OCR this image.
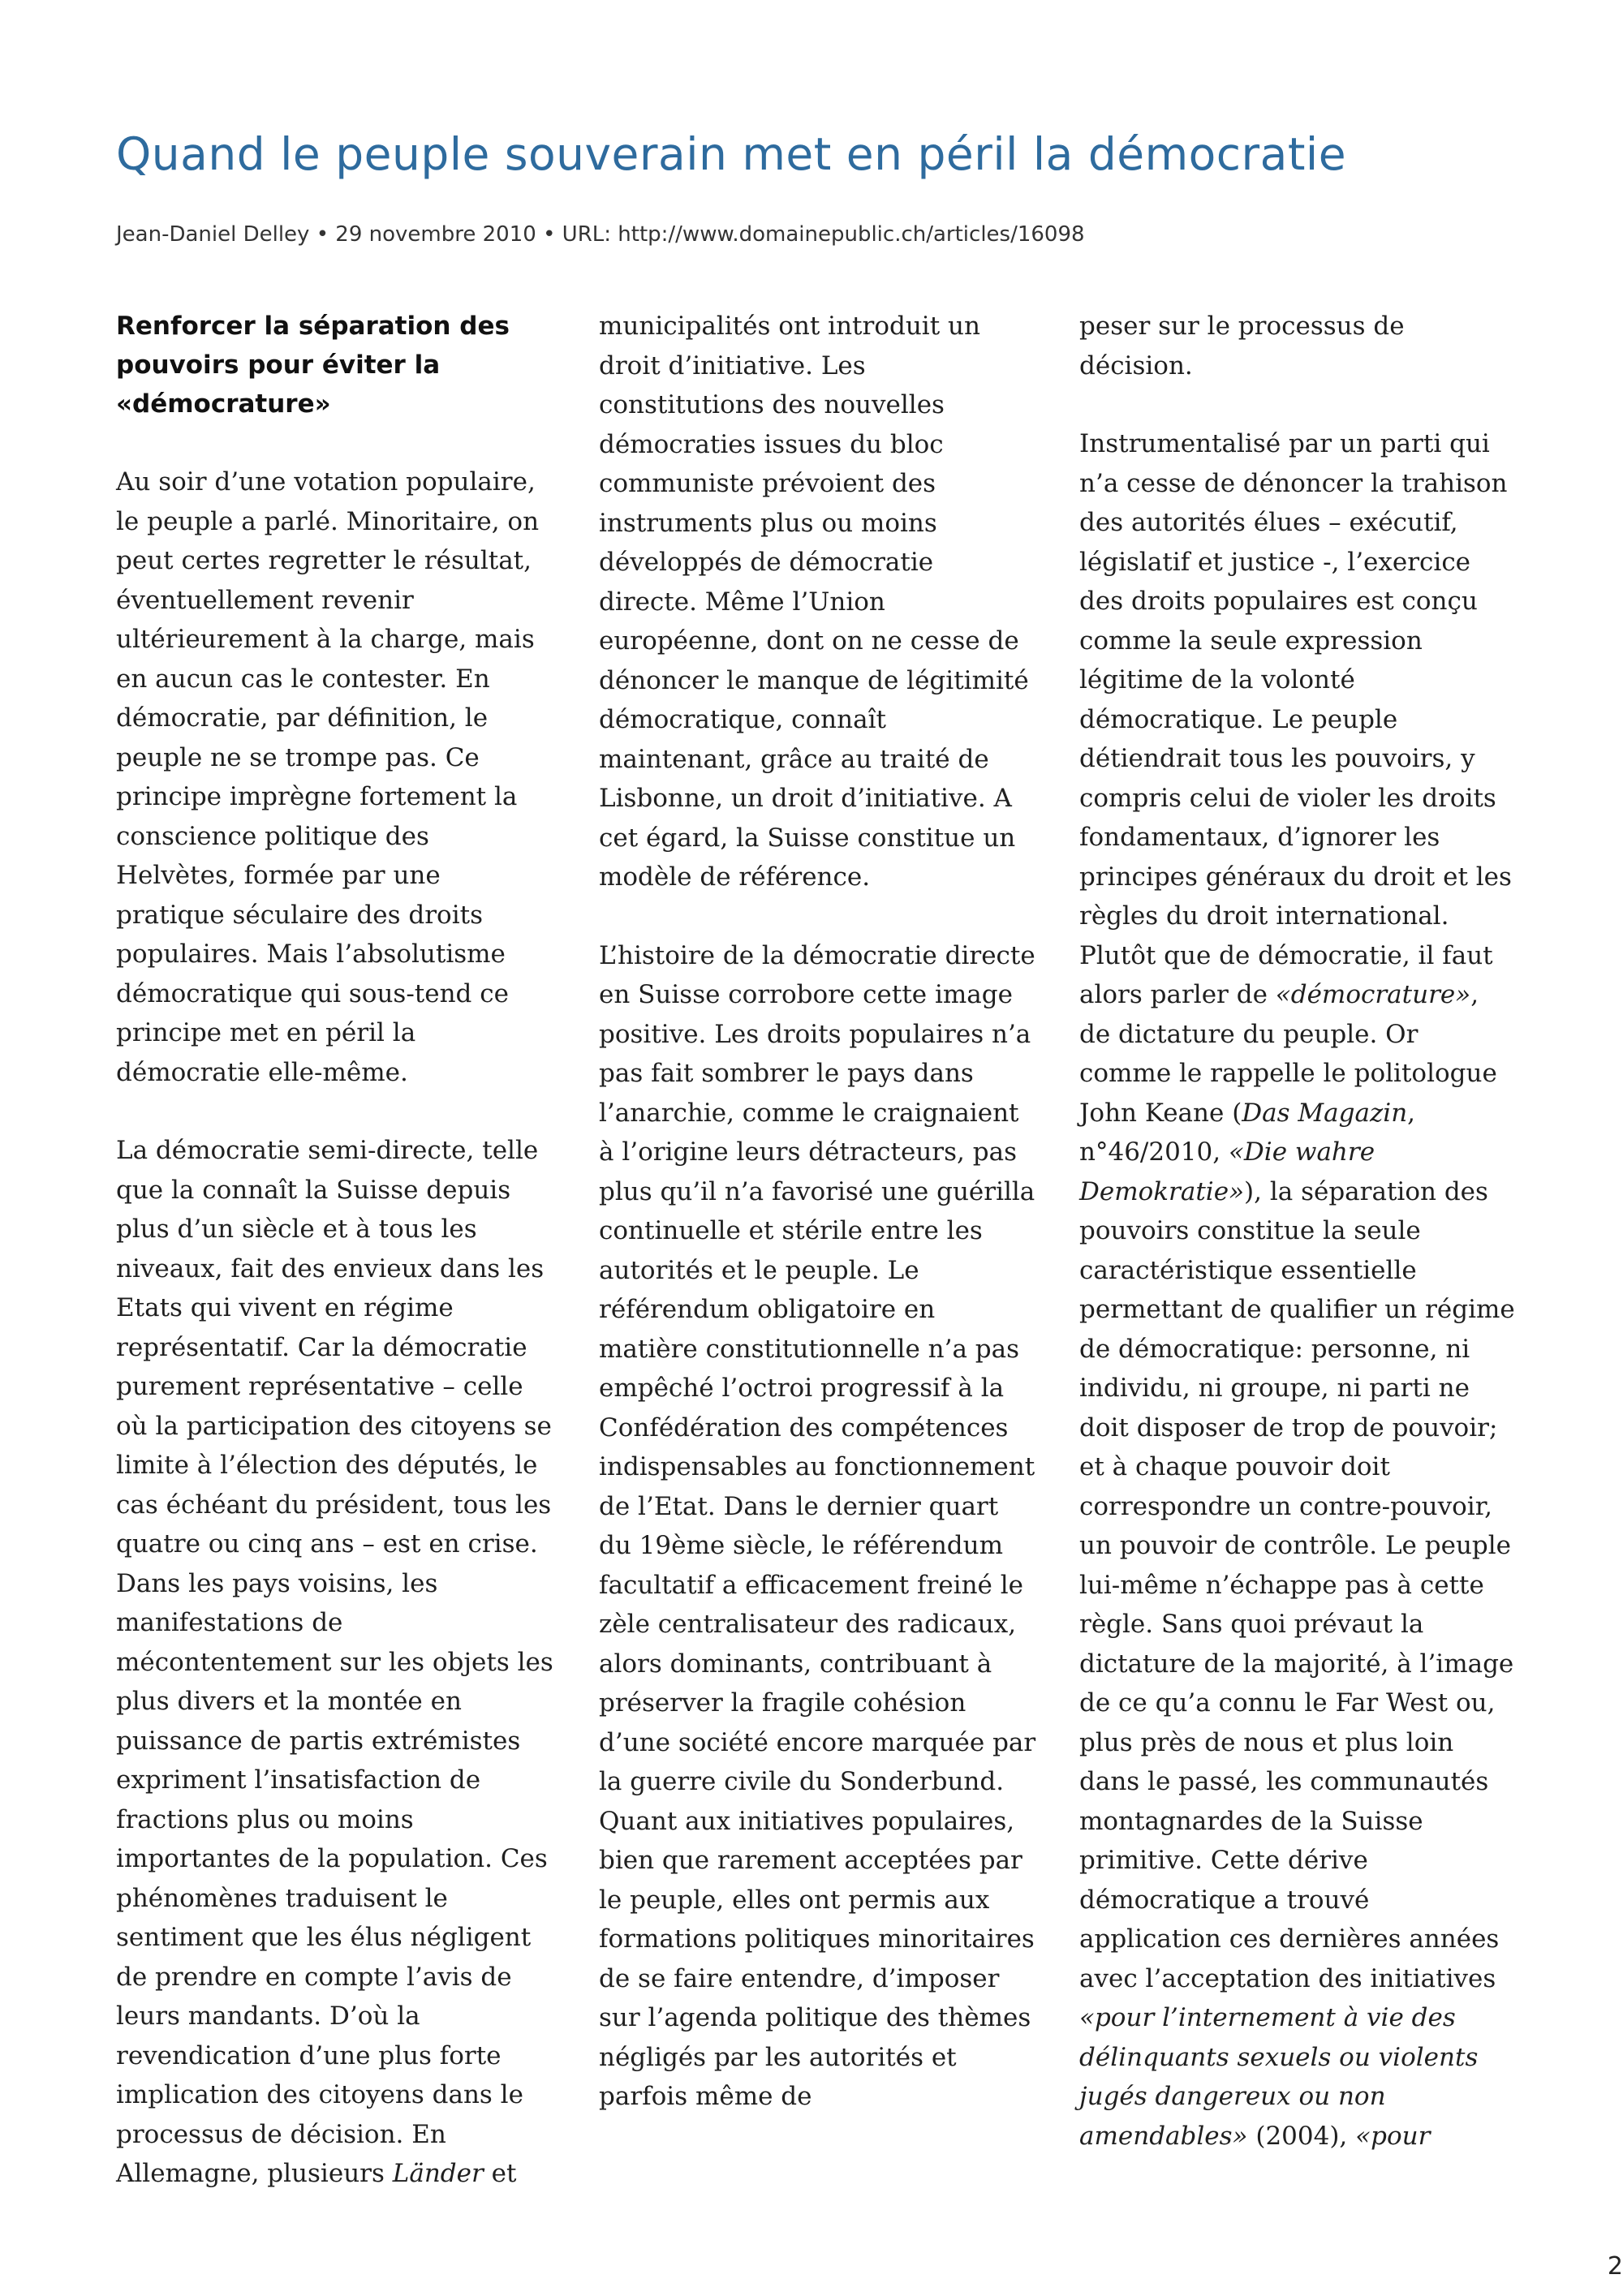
Quand le peuple souverain met en péril la démocratie
Jean-Daniel Delley • 29 novembre 2010 • URL: http://www.domainepublic.ch/articles/16098
Renforcer la séparation des pouvoirs pour éviter la «démocrature»

Au soir d’une votation populaire, le peuple a parlé. Minoritaire, on peut certes regretter le résultat, éventuellement revenir ultérieurement à la charge, mais en aucun cas le contester. En démocratie, par définition, le peuple ne se trompe pas. Ce principe imprègne fortement la conscience politique des Helvètes, formée par une pratique séculaire des droits populaires. Mais l’absolutisme démocratique qui sous-tend ce principe met en péril la démocratie elle-même.

La démocratie semi-directe, telle que la connaît la Suisse depuis plus d’un siècle et à tous les niveaux, fait des envieux dans les Etats qui vivent en régime représentatif. Car la démocratie purement représentative – celle où la participation des citoyens se limite à l’élection des députés, le cas échéant du président, tous les quatre ou cinq ans – est en crise. Dans les pays voisins, les manifestations de mécontentement sur les objets les plus divers et la montée en puissance de partis extrémistes expriment l’insatisfaction de fractions plus ou moins importantes de la population. Ces phénomènes traduisent le sentiment que les élus négligent de prendre en compte l’avis de leurs mandants. D’où la revendication d’une plus forte implication des citoyens dans le processus de décision. En Allemagne, plusieurs Länder et

municipalités ont introduit un droit d’initiative. Les constitutions des nouvelles démocraties issues du bloc communiste prévoient des instruments plus ou moins développés de démocratie directe. Même l’Union européenne, dont on ne cesse de dénoncer le manque de légitimité démocratique, connaît maintenant, grâce au traité de Lisbonne, un droit d’initiative. A cet égard, la Suisse constitue un modèle de référence.

L’histoire de la démocratie directe en Suisse corrobore cette image positive. Les droits populaires n’a pas fait sombrer le pays dans l’anarchie, comme le craignaient à l’origine leurs détracteurs, pas plus qu’il n’a favorisé une guérilla continuelle et stérile entre les autorités et le peuple. Le référendum obligatoire en matière constitutionnelle n’a pas empêché l’octroi progressif à la Confédération des compétences indispensables au fonctionnement de l’Etat. Dans le dernier quart du 19ème siècle, le référendum facultatif a efficacement freiné le zèle centralisateur des radicaux, alors dominants, contribuant à préserver la fragile cohésion d’une société encore marquée par la guerre civile du Sonderbund. Quant aux initiatives populaires, bien que rarement acceptées par le peuple, elles ont permis aux formations politiques minoritaires de se faire entendre, d’imposer sur l’agenda politique des thèmes négligés par les autorités et parfois même de

peser sur le processus de décision.

Instrumentalisé par un parti qui n’a cesse de dénoncer la trahison des autorités élues – exécutif, législatif et justice -, l’exercice des droits populaires est conçu comme la seule expression légitime de la volonté démocratique. Le peuple détiendrait tous les pouvoirs, y compris celui de violer les droits fondamentaux, d’ignorer les principes généraux du droit et les règles du droit international. Plutôt que de démocratie, il faut alors parler de «démocrature», de dictature du peuple. Or comme le rappelle le politologue John Keane (Das Magazin, n°46/2010, «Die wahre Demokratie»), la séparation des pouvoirs constitue la seule caractéristique essentielle permettant de qualifier un régime de démocratique: personne, ni individu, ni groupe, ni parti ne doit disposer de trop de pouvoir; et à chaque pouvoir doit correspondre un contre-pouvoir, un pouvoir de contrôle. Le peuple lui-même n’échappe pas à cette règle. Sans quoi prévaut la dictature de la majorité, à l’image de ce qu’a connu le Far West ou, plus près de nous et plus loin dans le passé, les communautés montagnardes de la Suisse primitive. Cette dérive démocratique a trouvé application ces dernières années avec l’acceptation des initiatives «pour l’internement à vie des délinquants sexuels ou violents jugés dangereux ou non amendables» (2004), «pour

2
